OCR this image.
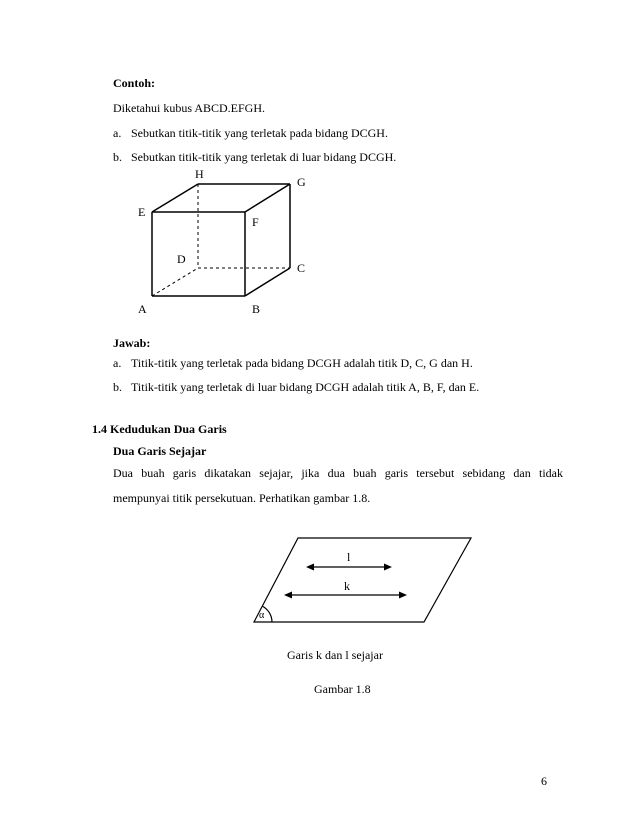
Contoh:
Diketahui kubus ABCD.EFGH.
a. Sebutkan titik-titik yang terletak pada bidang DCGH.
b. Sebutkan titik-titik yang terletak di luar bidang DCGH.
H
G
E
F
D
C
A	B
Jawab:
a. Titik-titik yang terletak pada bidang DCGH adalah titik D, C, G dan H.
b. Titik-titik yang terletak di luar bidang DCGH adalah titik A, B, F, dan E.
1.4 Kedudukan Dua Garis
Dua Garis Sejajar
Dua buah garis dikatakan sejajar, jika dua buah garis tersebut sebidang dan tidak
mempunyai titik persekutuan. Perhatikan gambar 1.8.
l
k
α
Garis k dan l sejajar
Gambar 1.8
6
